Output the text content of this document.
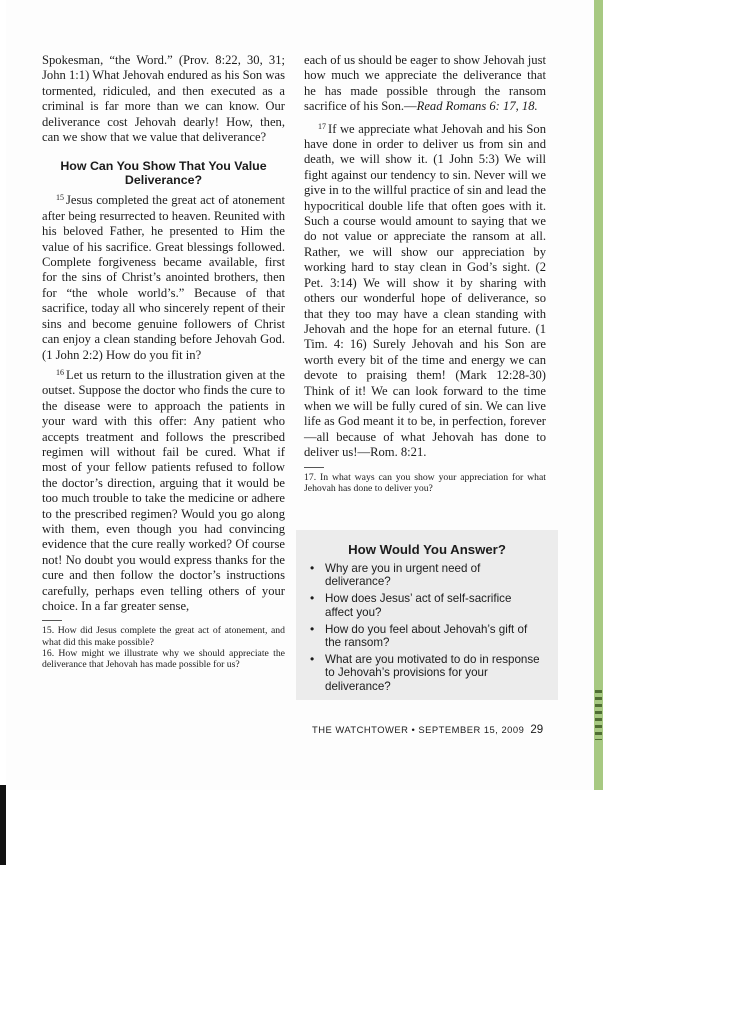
Spokesman, “the Word.” (Prov. 8:22, 30, 31; John 1:1) What Jehovah endured as his Son was tormented, ridiculed, and then executed as a criminal is far more than we can know. Our deliverance cost Jehovah dearly! How, then, can we show that we value that deliverance?

How Can You Show That You Value Deliverance?

$^{15}$ Jesus completed the great act of atonement after being resurrected to heaven. Reunited with his beloved Father, he presented to Him the value of his sacrifice. Great blessings followed. Complete forgiveness became available, first for the sins of Christ’s anointed brothers, then for “the whole world’s.” Because of that sacrifice, today all who sincerely repent of their sins and become genuine followers of Christ can enjoy a clean standing before Jehovah God. (1 John 2:2) How do you fit in?

$^{16}$ Let us return to the illustration given at the outset. Suppose the doctor who finds the cure to the disease were to approach the patients in your ward with this offer: Any patient who accepts treatment and follows the prescribed regimen will without fail be cured. What if most of your fellow patients refused to follow the doctor’s direction, arguing that it would be too much trouble to take the medicine or adhere to the prescribed regimen? Would you go along with them, even though you had convincing evidence that the cure really worked? Of course not! No doubt you would express thanks for the cure and then follow the doctor’s instructions carefully, perhaps even telling others of your choice. In a far greater sense,

15. How did Jesus complete the great act of atonement, and what did this make possible?

16. How might we illustrate why we should appreciate the deliverance that Jehovah has made possible for us?

each of us should be eager to show Jehovah just how much we appreciate the deliverance that he has made possible through the ransom sacrifice of his Son.—Read Romans 6: 17, 18.

$^{17}$ If we appreciate what Jehovah and his Son have done in order to deliver us from sin and death, we will show it. (1 John 5:3) We will fight against our tendency to sin. Never will we give in to the willful practice of sin and lead the hypocritical double life that often goes with it. Such a course would amount to saying that we do not value or appreciate the ransom at all. Rather, we will show our appreciation by working hard to stay clean in God’s sight. (2 Pet. 3:14) We will show it by sharing with others our wonderful hope of deliverance, so that they too may have a clean standing with Jehovah and the hope for an eternal future. (1 Tim. 4: 16) Surely Jehovah and his Son are worth every bit of the time and energy we can devote to praising them! (Mark 12:28-30) Think of it! We can look forward to the time when we will be fully cured of sin. We can live life as God meant it to be, in perfection, forever—all because of what Jehovah has done to deliver us!—Rom. 8:21.

17. In what ways can you show your appreciation for what Jehovah has done to deliver you?

How Would You Answer?
• Why are you in urgent need of deliverance?
• How does Jesus’ act of self-sacrifice affect you?
• How do you feel about Jehovah’s gift of the ransom?
• What are you motivated to do in response to Jehovah’s provisions for your deliverance?
THE WATCHTOWER • SEPTEMBER 15, 2009 29
